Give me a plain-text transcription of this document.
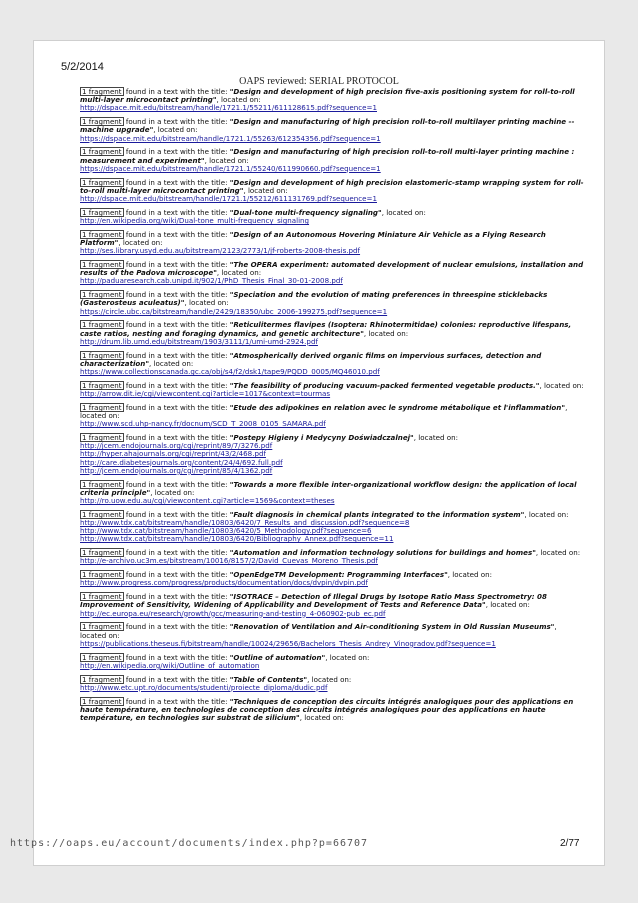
5/2/2014
OAPS reviewed: SERIAL PROTOCOL
1 fragment found in a text with the title: "Design and development of high precision five-axis positioning system for roll-to-roll multi-layer microcontact printing", located on:
http://dspace.mit.edu/bitstream/handle/1721.1/55211/611128615.pdf?sequence=1
1 fragment found in a text with the title: "Design and manufacturing of high precision roll-to-roll multilayer printing machine -- machine upgrade", located on:
https://dspace.mit.edu/bitstream/handle/1721.1/55263/612354356.pdf?sequence=1
1 fragment found in a text with the title: "Design and manufacturing of high precision roll-to-roll multi-layer printing machine : measurement and experiment", located on:
https://dspace.mit.edu/bitstream/handle/1721.1/55240/611990660.pdf?sequence=1
1 fragment found in a text with the title: "Design and development of high precision elastomeric-stamp wrapping system for roll-to-roll multi-layer microcontact printing", located on:
http://dspace.mit.edu/bitstream/handle/1721.1/55212/611131769.pdf?sequence=1
1 fragment found in a text with the title: "Dual-tone multi-frequency signaling", located on:
http://en.wikipedia.org/wiki/Dual-tone_multi-frequency_signaling
1 fragment found in a text with the title: "Design of an Autonomous Hovering Miniature Air Vehicle as a Flying Research Platform", located on:
http://ses.library.usyd.edu.au/bitstream/2123/2773/1/jf-roberts-2008-thesis.pdf
1 fragment found in a text with the title: "The OPERA experiment: automated development of nuclear emulsions, installation and results of the Padova microscope", located on:
http://paduaresearch.cab.unipd.it/902/1/PhD_Thesis_Final_30-01-2008.pdf
1 fragment found in a text with the title: "Speciation and the evolution of mating preferences in threespine sticklebacks (Gasterosteus aculeatus)", located on:
https://circle.ubc.ca/bitstream/handle/2429/18350/ubc_2006-199275.pdf?sequence=1
1 fragment found in a text with the title: "Reticulitermes flavipes (Isoptera: Rhinotermitidae) colonies: reproductive lifespans, caste ratios, nesting and foraging dynamics, and genetic architecture", located on:
http://drum.lib.umd.edu/bitstream/1903/3111/1/umi-umd-2924.pdf
1 fragment found in a text with the title: "Atmospherically derived organic films on impervious surfaces, detection and characterization", located on:
https://www.collectionscanada.gc.ca/obj/s4/f2/dsk1/tape9/PQDD_0005/MQ46010.pdf
1 fragment found in a text with the title: "The feasibility of producing vacuum-packed fermented vegetable products.", located on:
http://arrow.dit.ie/cgi/viewcontent.cgi?article=1017&context=tourmas
1 fragment found in a text with the title: "Etude des adipokines en relation avec le syndrome métabolique et l'inflammation", located on:
http://www.scd.uhp-nancy.fr/docnum/SCD_T_2008_0105_SAMARA.pdf
1 fragment found in a text with the title: "Postepy Higieny i Medycyny Doświadczalnej", located on:
http://jcem.endojournals.org/cgi/reprint/89/7/3276.pdf
http://hyper.ahajournals.org/cgi/reprint/43/2/468.pdf
http://care.diabetesjournals.org/content/24/4/692.full.pdf
http://jcem.endojournals.org/cgi/reprint/85/4/1362.pdf
1 fragment found in a text with the title: "Towards a more flexible inter-organizational workflow design: the application of local criteria principle", located on:
http://ro.uow.edu.au/cgi/viewcontent.cgi?article=1569&context=theses
1 fragment found in a text with the title: "Fault diagnosis in chemical plants integrated to the information system", located on:
http://www.tdx.cat/bitstream/handle/10803/6420/7_Results_and_discussion.pdf?sequence=8
http://www.tdx.cat/bitstream/handle/10803/6420/5_Methodology.pdf?sequence=6
http://www.tdx.cat/bitstream/handle/10803/6420/Bibliography_Annex.pdf?sequence=11
1 fragment found in a text with the title: "Automation and information technology solutions for buildings and homes", located on:
http://e-archivo.uc3m.es/bitstream/10016/8157/2/David_Cuevas_Moreno_Thesis.pdf
1 fragment found in a text with the title: "OpenEdgeTM Development: Programming Interfaces", located on:
http://www.progress.com/progress/products/documentation/docs/dvpin/dvpin.pdf
1 fragment found in a text with the title: "ISOTRACE – Detection of Illegal Drugs by Isotope Ratio Mass Spectrometry: 08 Improvement of Sensitivity, Widening of Applicability and Development of Tests and Reference Data", located on:
http://ec.europa.eu/research/growth/gcc/measuring-and-testing_4-060902-pub_ec.pdf
1 fragment found in a text with the title: "Renovation of Ventilation and Air-conditioning System in Old Russian Museums", located on:
https://publications.theseus.fi/bitstream/handle/10024/29656/Bachelors_Thesis_Andrey_Vinogradov.pdf?sequence=1
1 fragment found in a text with the title: "Outline of automation", located on:
http://en.wikipedia.org/wiki/Outline_of_automation
1 fragment found in a text with the title: "Table of Contents", located on:
http://www.etc.upt.ro/documents/studenti/proiecte_diploma/dudic.pdf
1 fragment found in a text with the title: "Techniques de conception des circuits intégrés analogiques pour des applications en haute température, en technologies de conception des circuits intégrés analogiques pour des applications en haute température, en technologies sur substrat de silicium", located on:
https://oaps.eu/account/documents/index.php?p=66707	2/77
